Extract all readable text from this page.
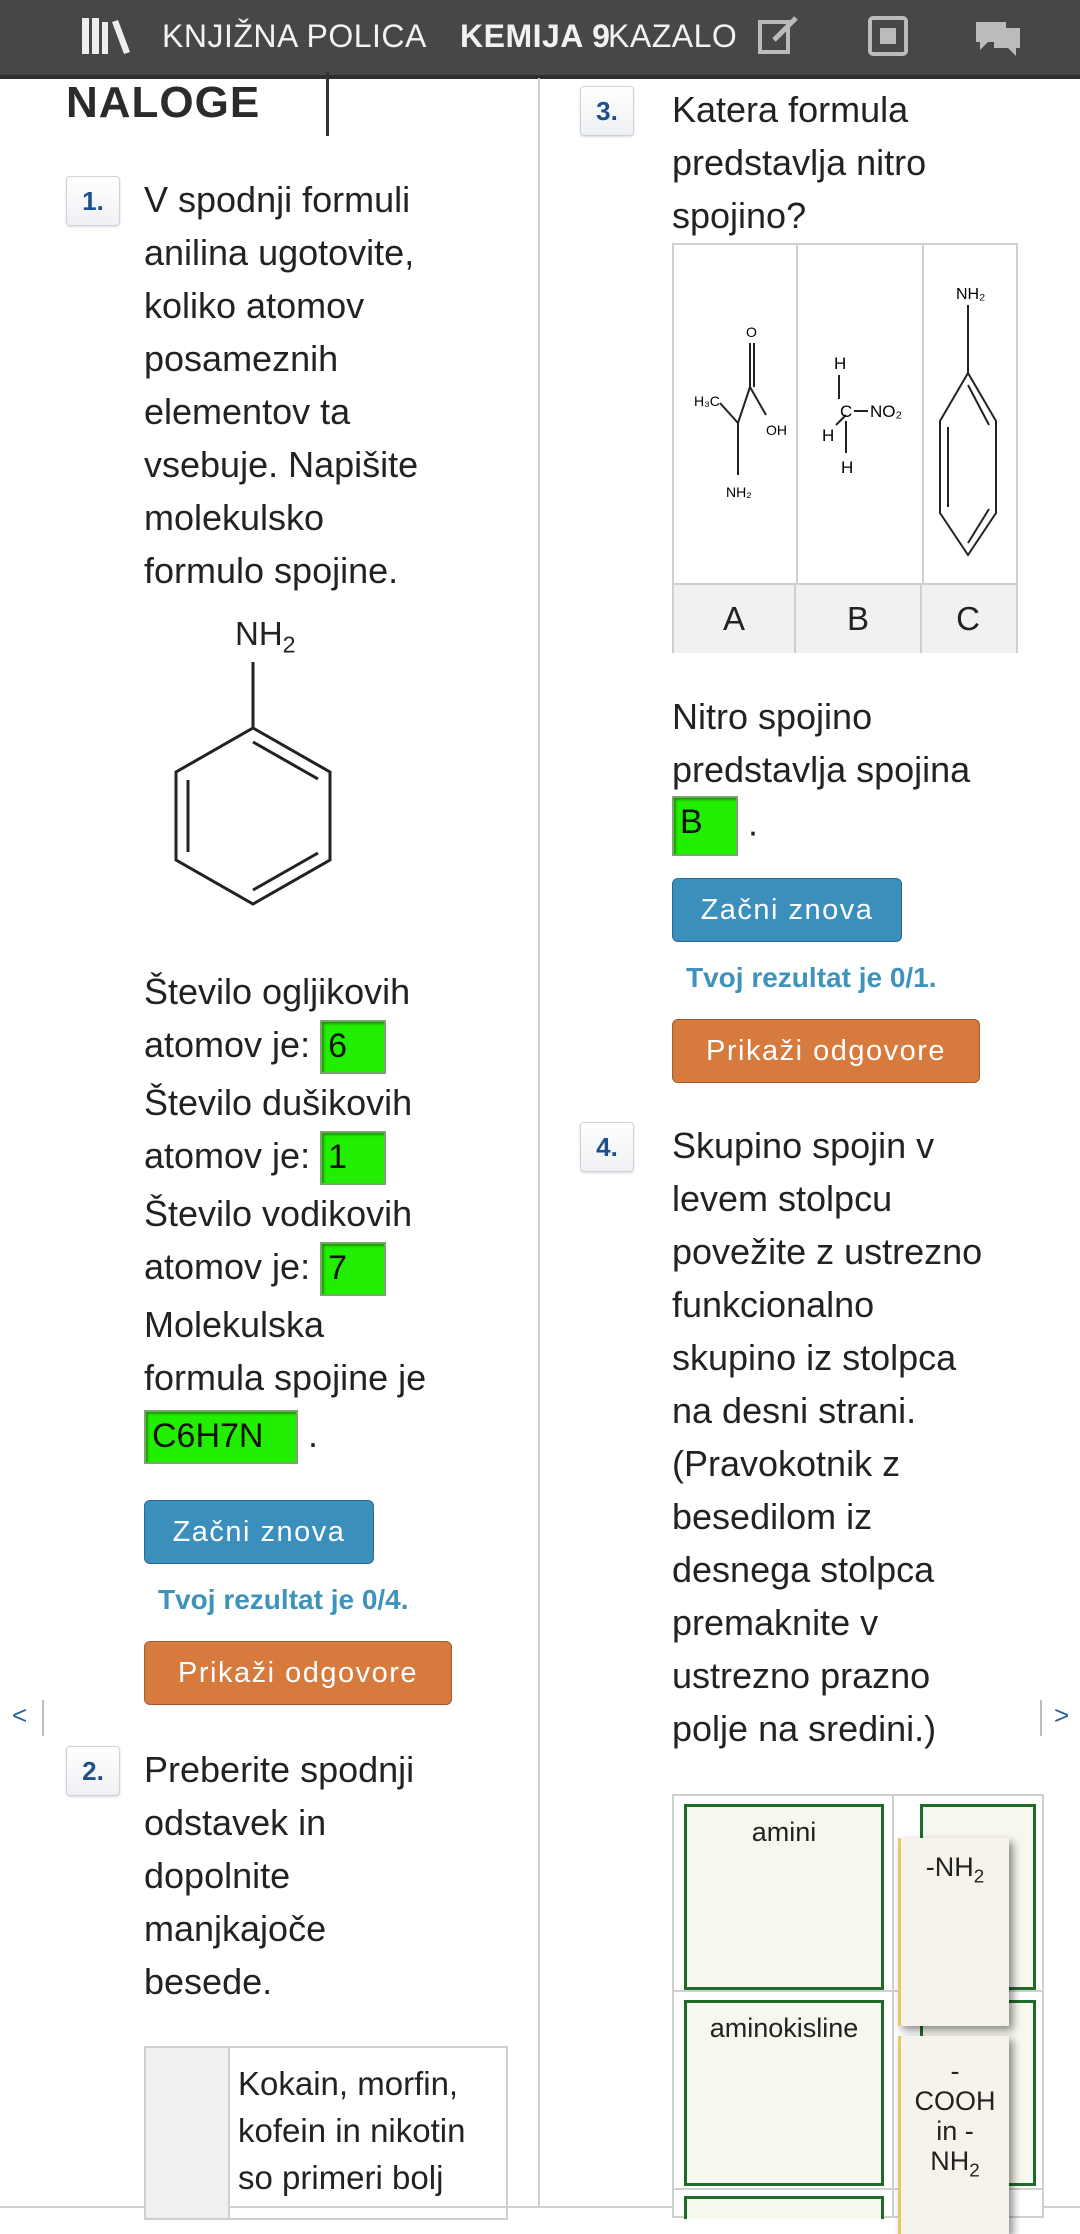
KNJIŽNA POLICA KEMIJA 9
KAZALO
NALOGE
1.	V spodnji formuli
anilina ugotovite,
koliko atomov
posameznih
elementov ta
vsebuje. Napišite
molekulsko
formulo spojine.
$NH_2$
Število ogljikovih
atomov je: 6
Število dušikovih
atomov je: 1
Število vodikovih
atomov je: 7
Molekulska
formula spojine je
C6H7N .
Začni znova
Tvoj rezultat je 0/4.
Prikaži odgovore
<	>
2.	Preberite spodnji
odstavek in
dopolnite
manjkajoče
besede.
Kokain, morfin,
kofein in nikotin
so primeri bolj
3.	Katera formula
predstavlja nitro
spojino?
H₃C
O
OH
NH₂
H
H
C NO₂
H
NH₂
A	B	C
Nitro spojino
predstavlja spojina
B .
Začni znova
Tvoj rezultat je 0/1.
Prikaži odgovore
4.	Skupino spojin v
levem stolpcu
povežite z ustrezno
funkcionalno
skupino iz stolpca
na desni strani.
(Pravokotnik z
besedilom iz
desnega stolpca
premaknite v
ustrezno prazno
polje na sredini.)
amini
aminokisline
$-NH_2$
-
COOH
in -
$NH_2$
